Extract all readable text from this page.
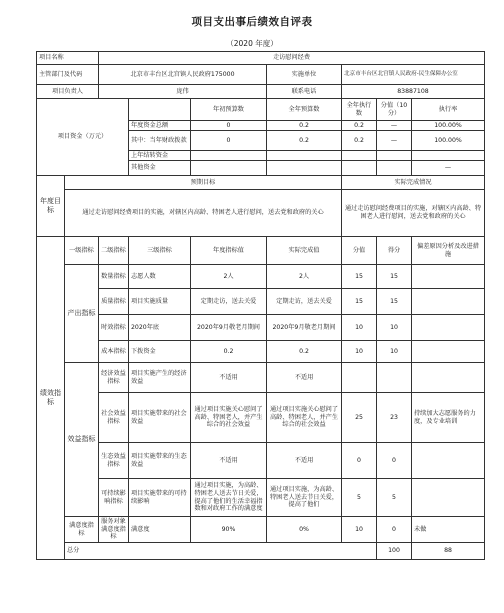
项目支出事后绩效自评表
（2020 年度）
项目名称		走访慰问经费							
主管部门及代码		北京市丰台区北宫镇人民政府175000			实施单位	北京市丰台区北宫镇人民政府-民生保障办公室			
项目负责人		庞伟			联系电话	83887108			
项目资金（万元）				年初预算数	全年预算数	全年执行数	分值（10分）	执行率	
			年度资金总额	0	0.2	0.2	—	100.00%	
			其中：当年财政拨款	0	0.2	0.2	—	100.00%	
			上年结转资金						
			其他资金					—	
年度目标	预期目标					实际完成情况			
	通过走访慰问经费项目的实施，对辖区内高龄、特困老人进行慰问，送去党和政府的关心					通过走访慰问经费项目的实施，对辖区内高龄、特困老人进行慰问，送去党和政府的关心			
绩效指标	一级指标	二级指标	三级指标	年度指标值	实际完成值	分值	得分	偏差原因分析及改进措施	
	产出指标	数量指标	志愿人数	2人	2人	15	15		
		质量指标	项目实施质量	定期走访，送去关爱	定期走访，送去关爱	15	15		
		时效指标	2020年底	2020年9月敬老月期间	2020年9月敬老月期间	10	10		
		成本指标	下拨资金	0.2	0.2	10	10		
	效益指标	经济效益指标	项目实施产生的经济效益	不适用	不适用				
		社会效益指标	项目实施带来的社会效益	通过项目实施关心慰问了高龄、特困老人，并产生综合的社会效益	通过项目实施关心慰问了高龄、特困老人，并产生综合的社会效益	25	23	持续加大志愿服务的力度，及专业培训	
		生态效益指标	项目实施带来的生态效益	不适用	不适用	0	0		
		可持续影响指标	项目实施带来的可持续影响	通过项目实施，为高龄、特困老人送去节日关爱，提高了他们的生活幸福指数和对政府工作的满意度	通过项目实施，为高龄、特困老人送去节日关爱，提高了他们	5	5		
	满意度指标	服务对象满意度指标	满意度	90%	0%	10	0	未做	
	总分						100	88	
